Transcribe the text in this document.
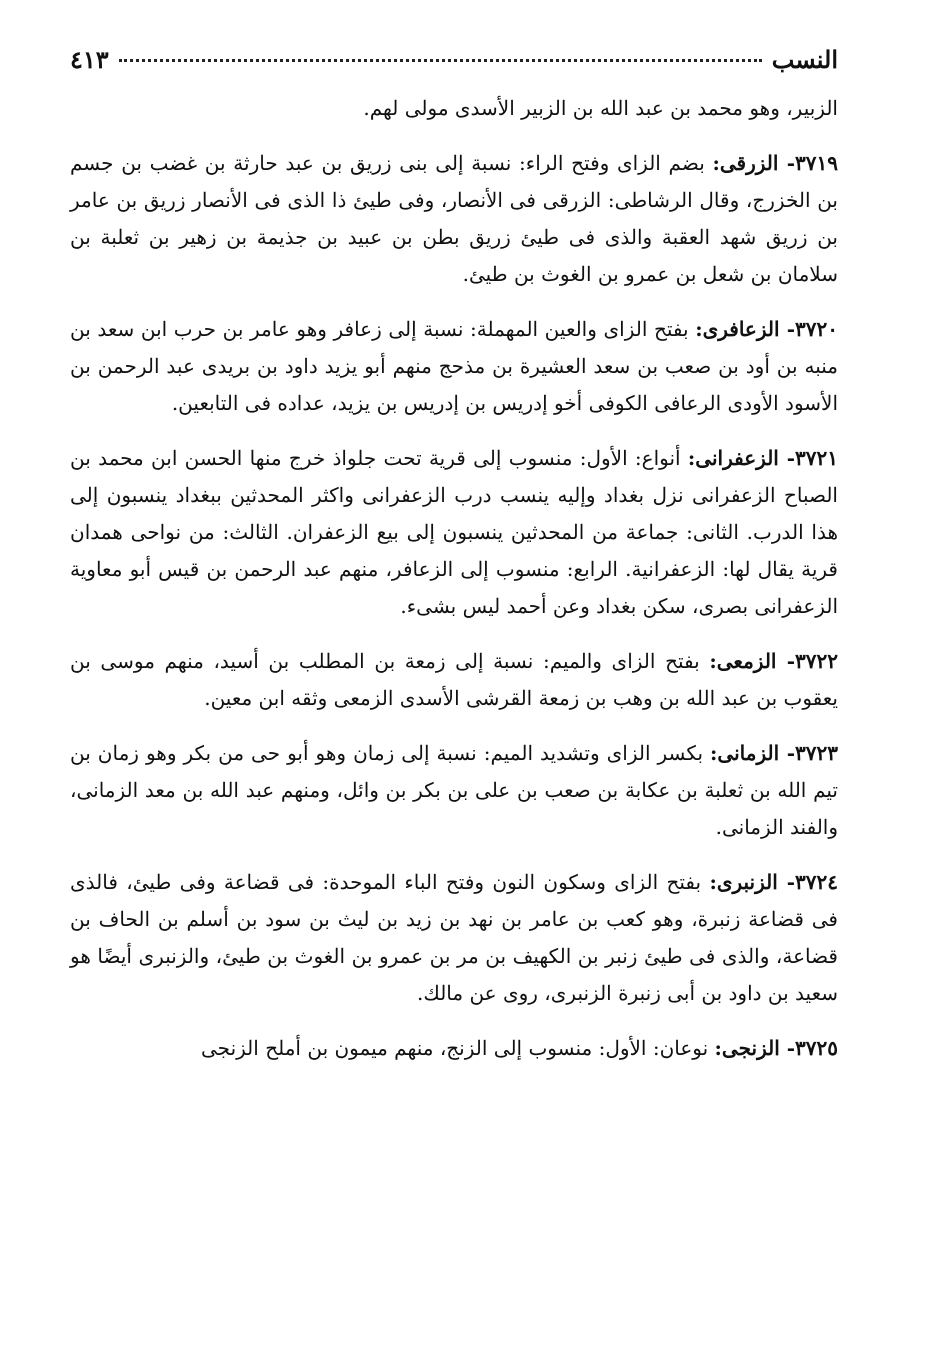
النسب
٤١٣

الزبير، وهو محمد بن عبد الله بن الزبير الأسدى مولى لهم.

٣٧١٩- الزرقى: بضم الزاى وفتح الراء: نسبة إلى بنى زريق بن عبد حارثة بن غضب بن جسم بن الخزرج، وقال الرشاطى: الزرقى فى الأنصار، وفى طيئ ذا الذى فى الأنصار زريق بن عامر بن زريق شهد العقبة والذى فى طيئ زريق بطن بن عبيد بن جذيمة بن زهير بن ثعلبة بن سلامان بن شعل بن عمرو بن الغوث بن طيئ.

٣٧٢٠- الزعافرى: بفتح الزاى والعين المهملة: نسبة إلى زعافر وهو عامر بن حرب ابن سعد بن منبه بن أود بن صعب بن سعد العشيرة بن مذحج منهم أبو يزيد داود بن بريدى عبد الرحمن بن الأسود الأودى الرعافى الكوفى أخو إدريس بن إدريس بن يزيد، عداده فى التابعين.

٣٧٢١- الزعفرانى: أنواع: الأول: منسوب إلى قرية تحت جلواذ خرج منها الحسن ابن محمد بن الصباح الزعفرانى نزل بغداد وإليه ينسب درب الزعفرانى واكثر المحدثين ببغداد ينسبون إلى هذا الدرب. الثانى: جماعة من المحدثين ينسبون إلى بيع الزعفران. الثالث: من نواحى همدان قرية يقال لها: الزعفرانية. الرابع: منسوب إلى الزعافر، منهم عبد الرحمن بن قيس أبو معاوية الزعفرانى بصرى، سكن بغداد وعن أحمد ليس بشىء.

٣٧٢٢- الزمعى: بفتح الزاى والميم: نسبة إلى زمعة بن المطلب بن أسيد، منهم موسى بن يعقوب بن عبد الله بن وهب بن زمعة القرشى الأسدى الزمعى وثقه ابن معين.

٣٧٢٣- الزمانى: بكسر الزاى وتشديد الميم: نسبة إلى زمان وهو أبو حى من بكر وهو زمان بن تيم الله بن ثعلبة بن عكابة بن صعب بن على بن بكر بن وائل، ومنهم عبد الله بن معد الزمانى، والفند الزمانى.

٣٧٢٤- الزنبرى: بفتح الزاى وسكون النون وفتح الباء الموحدة: فى قضاعة وفى طيئ، فالذى فى قضاعة زنبرة، وهو كعب بن عامر بن نهد بن زيد بن ليث بن سود بن أسلم بن الحاف بن قضاعة، والذى فى طيئ زنبر بن الكهيف بن مر بن عمرو بن الغوث بن طيئ، والزنبرى أيضًا هو سعيد بن داود بن أبى زنبرة الزنبرى، روى عن مالك.

٣٧٢٥- الزنجى: نوعان: الأول: منسوب إلى الزنج، منهم ميمون بن أملح الزنجى
